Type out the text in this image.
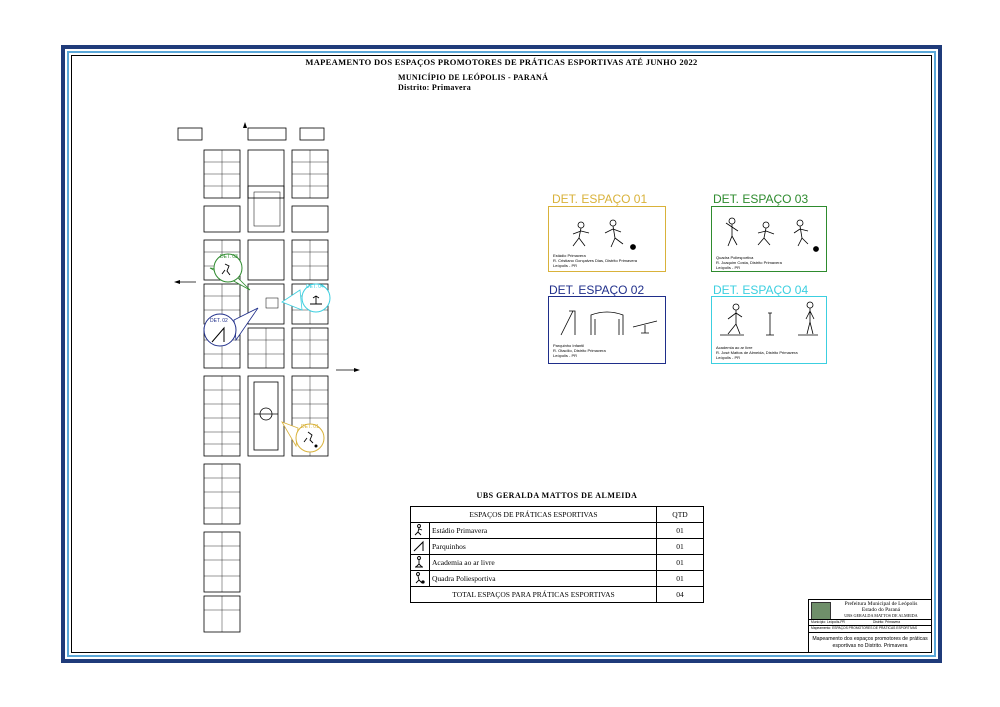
MAPEAMENTO DOS ESPAÇOS PROMOTORES DE PRÁTICAS ESPORTIVAS ATÉ JUNHO 2022
MUNICÍPIO DE LEÓPOLIS - PARANÁ
Distrito: Primavera
DET. 03
DET. 04
DET. 02
DET. 01
Estádio Primavera
R. Cristiano Gonçalves Dias, Distrito Primavera
Leópolis - PR
DET. ESPAÇO 01
Quadra Poliesportiva
R. Joaquim Costa, Distrito Primavera
Leópolis - PR
DET. ESPAÇO 03
Parquinho Infantil
R. Otacílio, Distrito Primavera
Leópolis - PR
DET. ESPAÇO 02
Academia ao ar livre
R. José Mattos de Almeida, Distrito Primavera
Leópolis - PR
DET. ESPAÇO 04
UBS GERALDA MATTOS DE ALMEIDA
ESPAÇOS DE PRÁTICAS ESPORTIVAS		QTD
	Estádio Primavera	01
	Parquinhos	01
	Academia ao ar livre	01
	Quadra Poliesportiva	01
TOTAL ESPAÇOS PARA PRÁTICAS ESPORTIVAS		04
Prefeitura Municipal de Leópolis
Estado do Paraná
UBS GERALDA MATTOS DE ALMEIDA
Município: Leópolis-PR	Distrito: Primavera
Mapeamento: ESPAÇOS PROMOTORES DE PRÁTICAS ESPORTIVAS
Mapeamento dos espaços promotores de práticas esportivas no Distrito. Primavera
